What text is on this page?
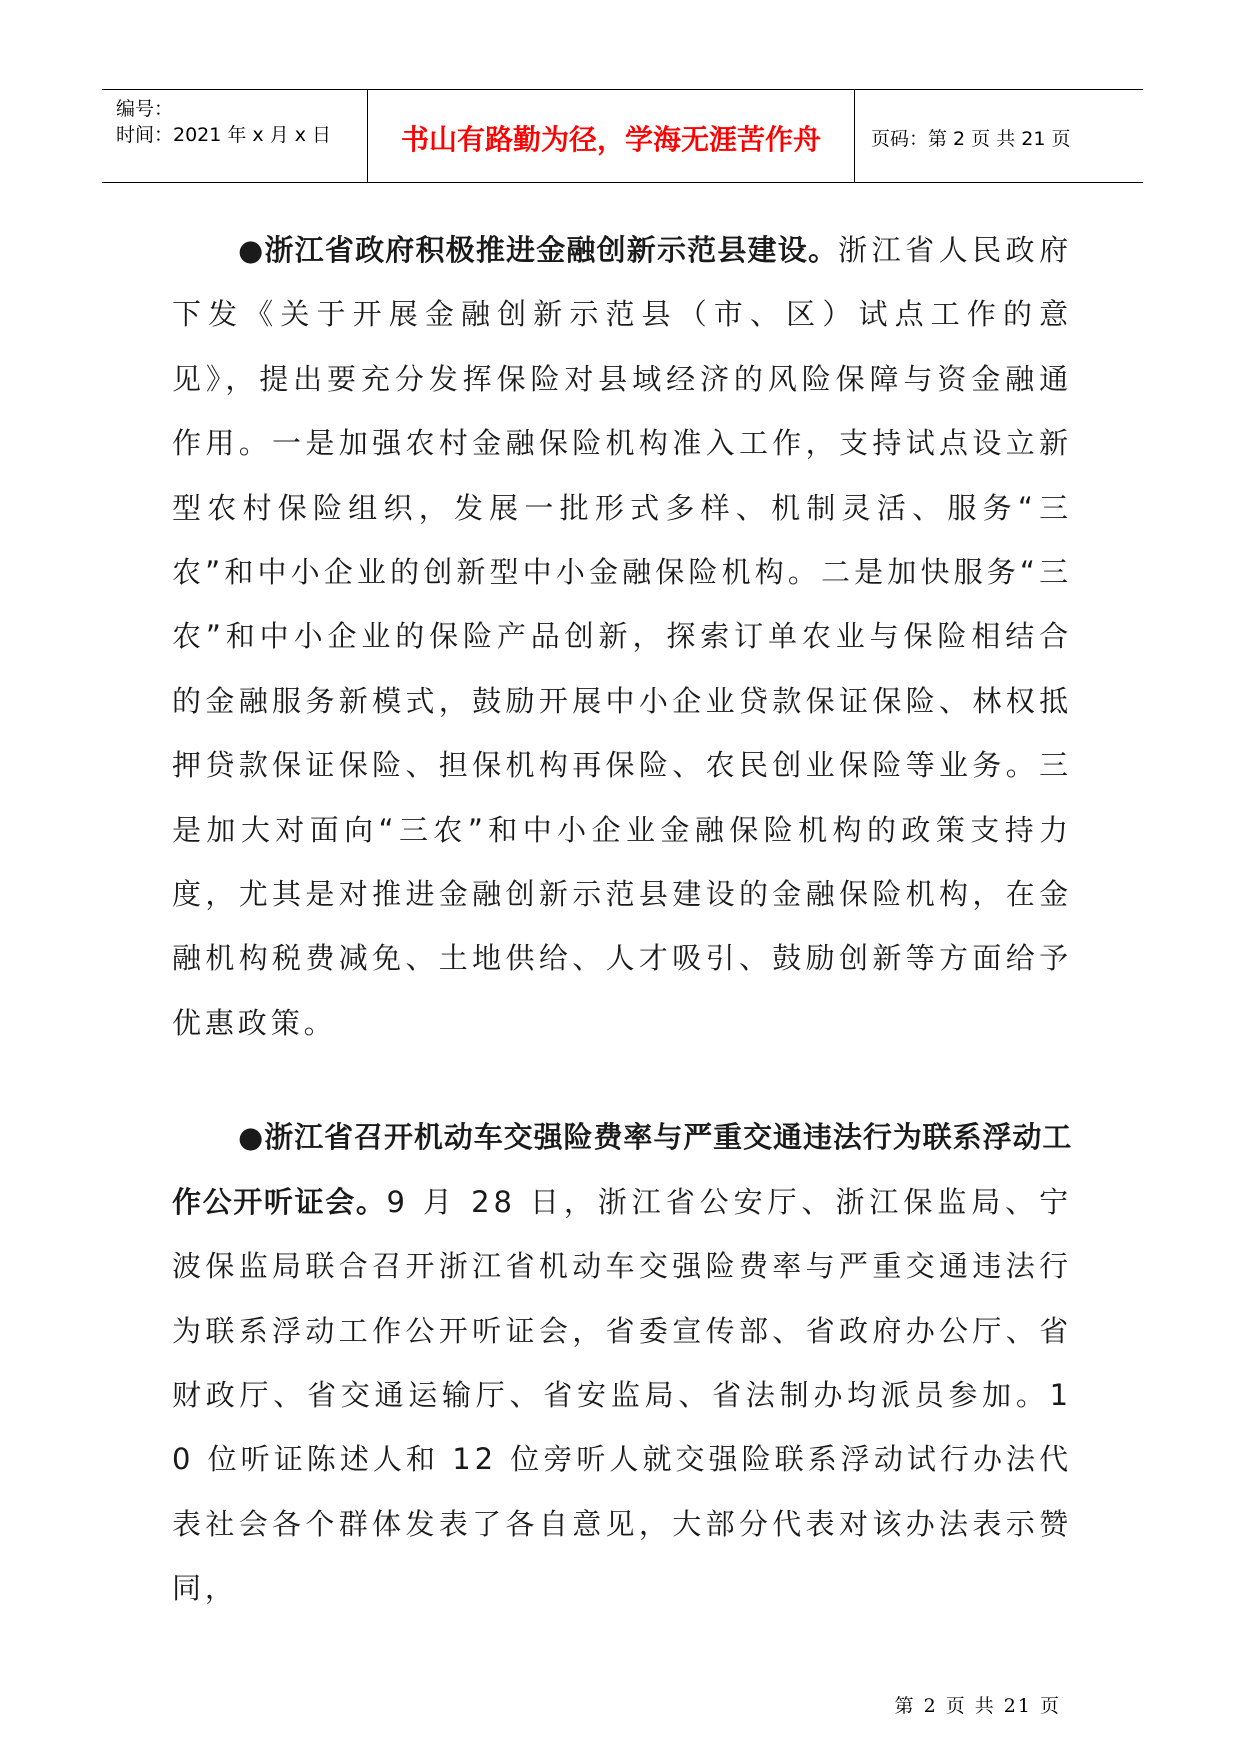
编号：
时间：2021 年 x 月 x 日	书山有路勤为径，学海无涯苦作舟	页码：第 2 页 共 21 页

●浙江省政府积极推进金融创新示范县建设。浙江省人民政府下发《关于开展金融创新示范县（市、区）试点工作的意见》，提出要充分发挥保险对县域经济的风险保障与资金融通作用。一是加强农村金融保险机构准入工作，支持试点设立新型农村保险组织，发展一批形式多样、机制灵活、服务“三农”和中小企业的创新型中小金融保险机构。二是加快服务“三农”和中小企业的保险产品创新，探索订单农业与保险相结合的金融服务新模式，鼓励开展中小企业贷款保证保险、林权抵押贷款保证保险、担保机构再保险、农民创业保险等业务。三是加大对面向“三农”和中小企业金融保险机构的政策支持力度，尤其是对推进金融创新示范县建设的金融保险机构，在金融机构税费减免、土地供给、人才吸引、鼓励创新等方面给予优惠政策。

●浙江省召开机动车交强险费率与严重交通违法行为联系浮动工作公开听证会。9 月 28 日，浙江省公安厅、浙江保监局、宁波保监局联合召开浙江省机动车交强险费率与严重交通违法行为联系浮动工作公开听证会，省委宣传部、省政府办公厅、省财政厅、省交通运输厅、省安监局、省法制办均派员参加。10 位听证陈述人和 12 位旁听人就交强险联系浮动试行办法代表社会各个群体发表了各自意见，大部分代表对该办法表示赞同，

第 2 页 共 21 页
